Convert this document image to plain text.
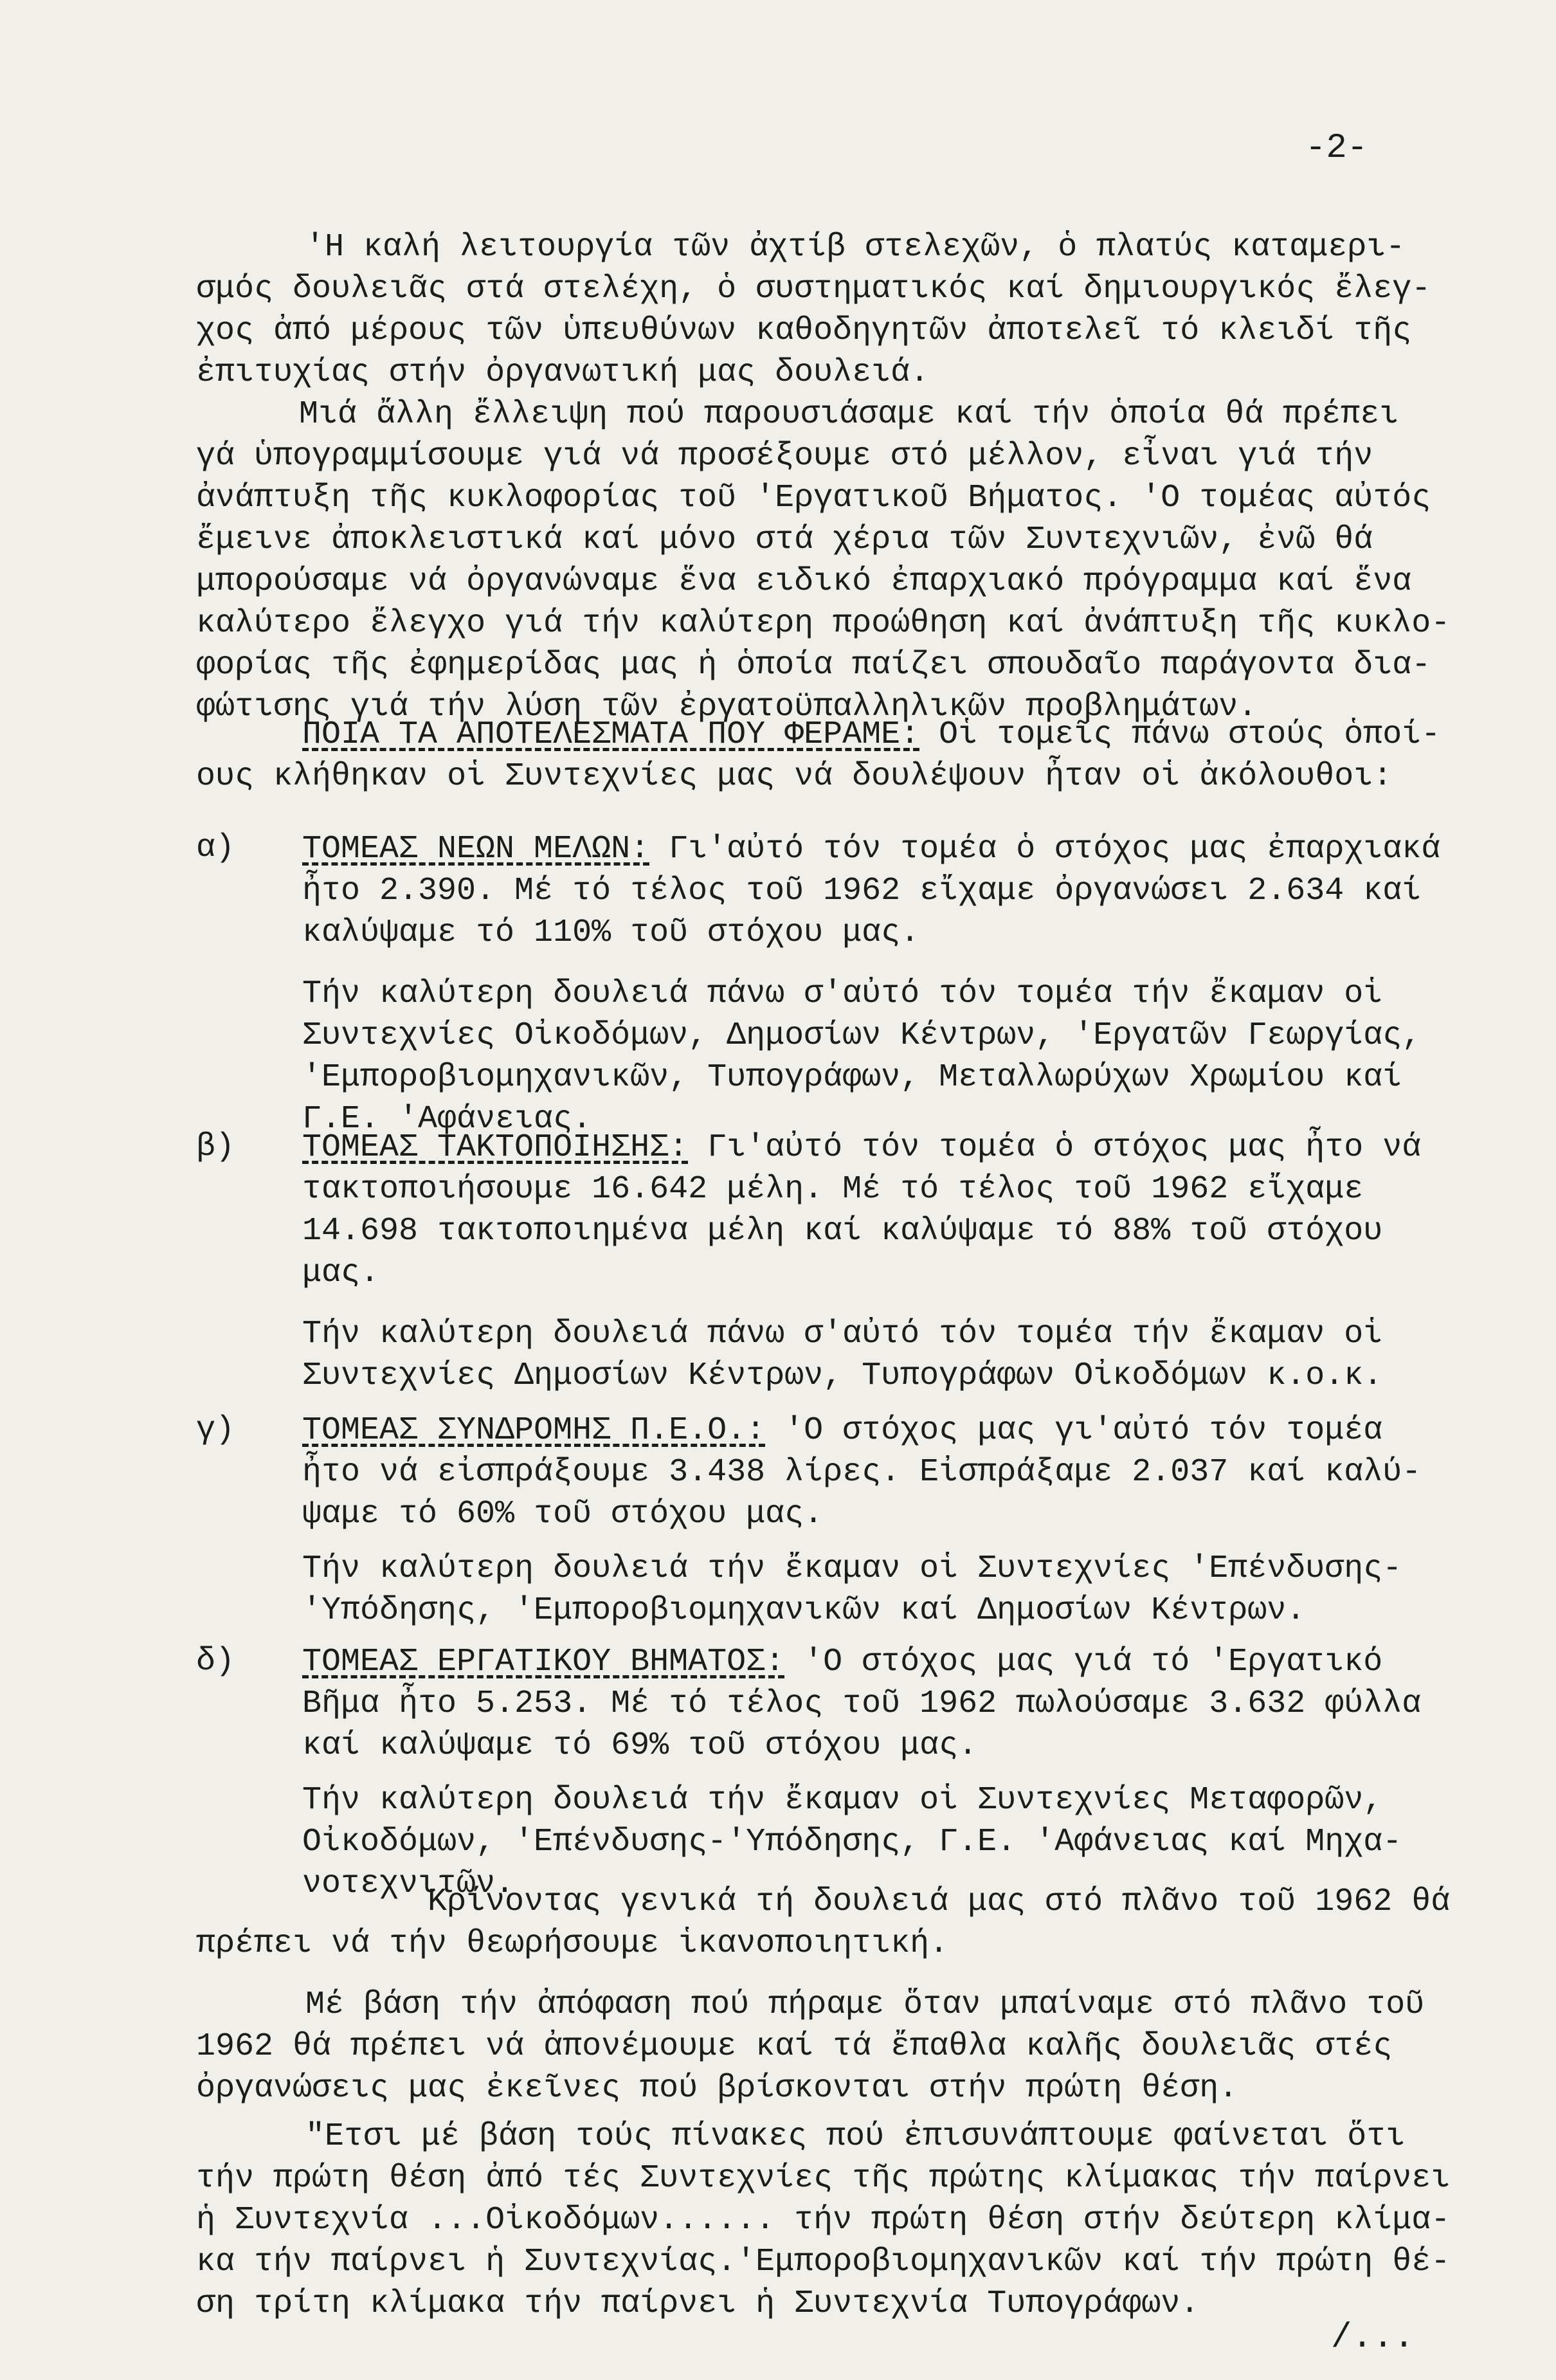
-2-
'Η καλή λειτουργία τῶν ἀχτίβ στελεχῶν, ὁ πλατύς καταμερι-
σμός δουλειᾶς στά στελέχη, ὁ συστηματικός καί δημιουργικός ἔλεγ-
χος ἀπό μέρους τῶν ὑπευθύνων καθοδηγητῶν ἀποτελεῖ τό κλειδί τῆς
ἐπιτυχίας στήν ὀργανωτική μας δουλειά.
Μιά ἄλλη ἔλλειψη πού παρουσιάσαμε καί τήν ὁποία θά πρέπει
γά ὑπογραμμίσουμε γιά νά προσέξουμε στό μέλλον, εἶναι γιά τήν
ἀνάπτυξη τῆς κυκλοφορίας τοῦ 'Εργατικοῦ Βήματος. 'Ο τομέας αὐτός
ἔμεινε ἀποκλειστικά καί μόνο στά χέρια τῶν Συντεχνιῶν, ἐνῶ θά
μπορούσαμε νά ὀργανώναμε ἕνα ειδικό ἐπαρχιακό πρόγραμμα καί ἕνα
καλύτερο ἔλεγχο γιά τήν καλύτερη προώθηση καί ἀνάπτυξη τῆς κυκλο-
φορίας τῆς ἐφημερίδας μας ἡ ὁποία παίζει σπουδαῖο παράγοντα δια-
φώτισης γιά τήν λύση τῶν ἐργατοϋπαλληλικῶν προβλημάτων.
ΠΟΙΑ ΤΑ ΑΠΟΤΕΛΕΣΜΑΤΑ ΠΟΥ ΦΕΡΑΜΕ: Οἱ τομεῖς πάνω στούς ὁποί-
ους κλήθηκαν οἱ Συντεχνίες μας νά δουλέψουν ἦταν οἱ ἀκόλουθοι:
α) ΤΟΜΕΑΣ ΝΕΩΝ ΜΕΛΩΝ: Γι'αὐτό τόν τομέα ὁ στόχος μας ἐπαρχιακά
ἦτο 2.390. Μέ τό τέλος τοῦ 1962 εἴχαμε ὀργανώσει 2.634 καί
καλύψαμε τό 110% τοῦ στόχου μας.
Τήν καλύτερη δουλειά πάνω σ'αὐτό τόν τομέα τήν ἔκαμαν οἱ
Συντεχνίες Οἰκοδόμων, Δημοσίων Κέντρων, 'Εργατῶν Γεωργίας,
'Εμποροβιομηχανικῶν, Τυπογράφων, Μεταλλωρύχων Χρωμίου καί
Γ.Ε. 'Αφάνειας.
β) ΤΟΜΕΑΣ ΤΑΚΤΟΠΟΙΗΣΗΣ: Γι'αὐτό τόν τομέα ὁ στόχος μας ἦτο νά
τακτοποιήσουμε 16.642 μέλη. Μέ τό τέλος τοῦ 1962 εἴχαμε
14.698 τακτοποιημένα μέλη καί καλύψαμε τό 88% τοῦ στόχου
μας.
Τήν καλύτερη δουλειά πάνω σ'αὐτό τόν τομέα τήν ἔκαμαν οἱ
Συντεχνίες Δημοσίων Κέντρων, Τυπογράφων Οἰκοδόμων κ.ο.κ.
γ) ΤΟΜΕΑΣ ΣΥΝΔΡΟΜΗΣ Π.Ε.Ο.: 'Ο στόχος μας γι'αὐτό τόν τομέα
ἦτο νά εἰσπράξουμε 3.438 λίρες. Εἰσπράξαμε 2.037 καί καλύ-
ψαμε τό 60% τοῦ στόχου μας.
Τήν καλύτερη δουλειά τήν ἔκαμαν οἱ Συντεχνίες 'Επένδυσης-
'Υπόδησης, 'Εμποροβιομηχανικῶν καί Δημοσίων Κέντρων.
δ) ΤΟΜΕΑΣ ΕΡΓΑΤΙΚΟΥ ΒΗΜΑΤΟΣ: 'Ο στόχος μας γιά τό 'Εργατικό
Βῆμα ἦτο 5.253. Μέ τό τέλος τοῦ 1962 πωλούσαμε 3.632 φύλλα
καί καλύψαμε τό 69% τοῦ στόχου μας.
Τήν καλύτερη δουλειά τήν ἔκαμαν οἱ Συντεχνίες Μεταφορῶν,
Οἰκοδόμων, 'Επένδυσης-'Υπόδησης, Γ.Ε. 'Αφάνειας καί Μηχα-
νοτεχνιτῶν.
Κρίνοντας γενικά τή δουλειά μας στό πλᾶνο τοῦ 1962 θά
πρέπει νά τήν θεωρήσουμε ἱκανοποιητική.
Μέ βάση τήν ἀπόφαση πού πήραμε ὅταν μπαίναμε στό πλᾶνο τοῦ
1962 θά πρέπει νά ἀπονέμουμε καί τά ἔπαθλα καλῆς δουλειᾶς στές
ὀργανώσεις μας ἐκεῖνες πού βρίσκονται στήν πρώτη θέση.
"Ετσι μέ βάση τούς πίνακες πού ἐπισυνάπτουμε φαίνεται ὅτι
τήν πρώτη θέση ἀπό τές Συντεχνίες τῆς πρώτης κλίμακας τήν παίρνει
ἡ Συντεχνία ...Οἰκοδόμων...... τήν πρώτη θέση στήν δεύτερη κλίμα-
κα τήν παίρνει ἡ Συντεχνίας.'Εμποροβιομηχανικῶν καί τήν πρώτη θέ-
ση τρίτη κλίμακα τήν παίρνει ἡ Συντεχνία Τυπογράφων.
/...
